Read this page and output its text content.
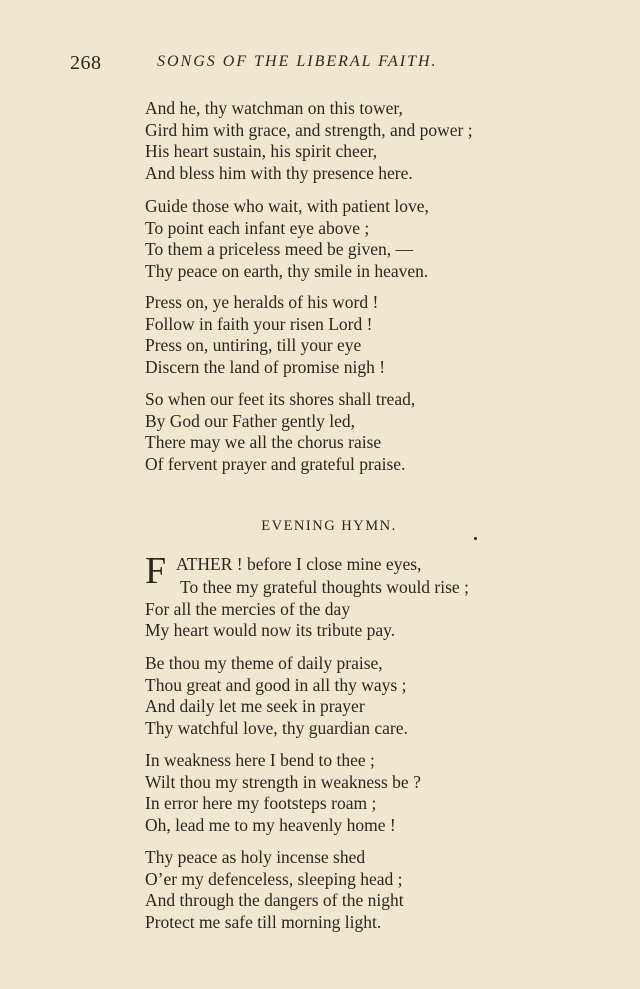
268	SONGS OF THE LIBERAL FAITH.
And he, thy watchman on this tower,
Gird him with grace, and strength, and power ;
His heart sustain, his spirit cheer,
And bless him with thy presence here.
Guide those who wait, with patient love,
To point each infant eye above ;
To them a priceless meed be given, —
Thy peace on earth, thy smile in heaven.
Press on, ye heralds of his word !
Follow in faith your risen Lord !
Press on, untiring, till your eye
Discern the land of promise nigh !
So when our feet its shores shall tread,
By God our Father gently led,
There may we all the chorus raise
Of fervent prayer and grateful praise.
EVENING HYMN.
F ATHER ! before I close mine eyes,
To thee my grateful thoughts would rise ;
For all the mercies of the day
My heart would now its tribute pay.
Be thou my theme of daily praise,
Thou great and good in all thy ways ;
And daily let me seek in prayer
Thy watchful love, thy guardian care.
In weakness here I bend to thee ;
Wilt thou my strength in weakness be ?
In error here my footsteps roam ;
Oh, lead me to my heavenly home !
Thy peace as holy incense shed
O’er my defenceless, sleeping head ;
And through the dangers of the night
Protect me safe till morning light.
